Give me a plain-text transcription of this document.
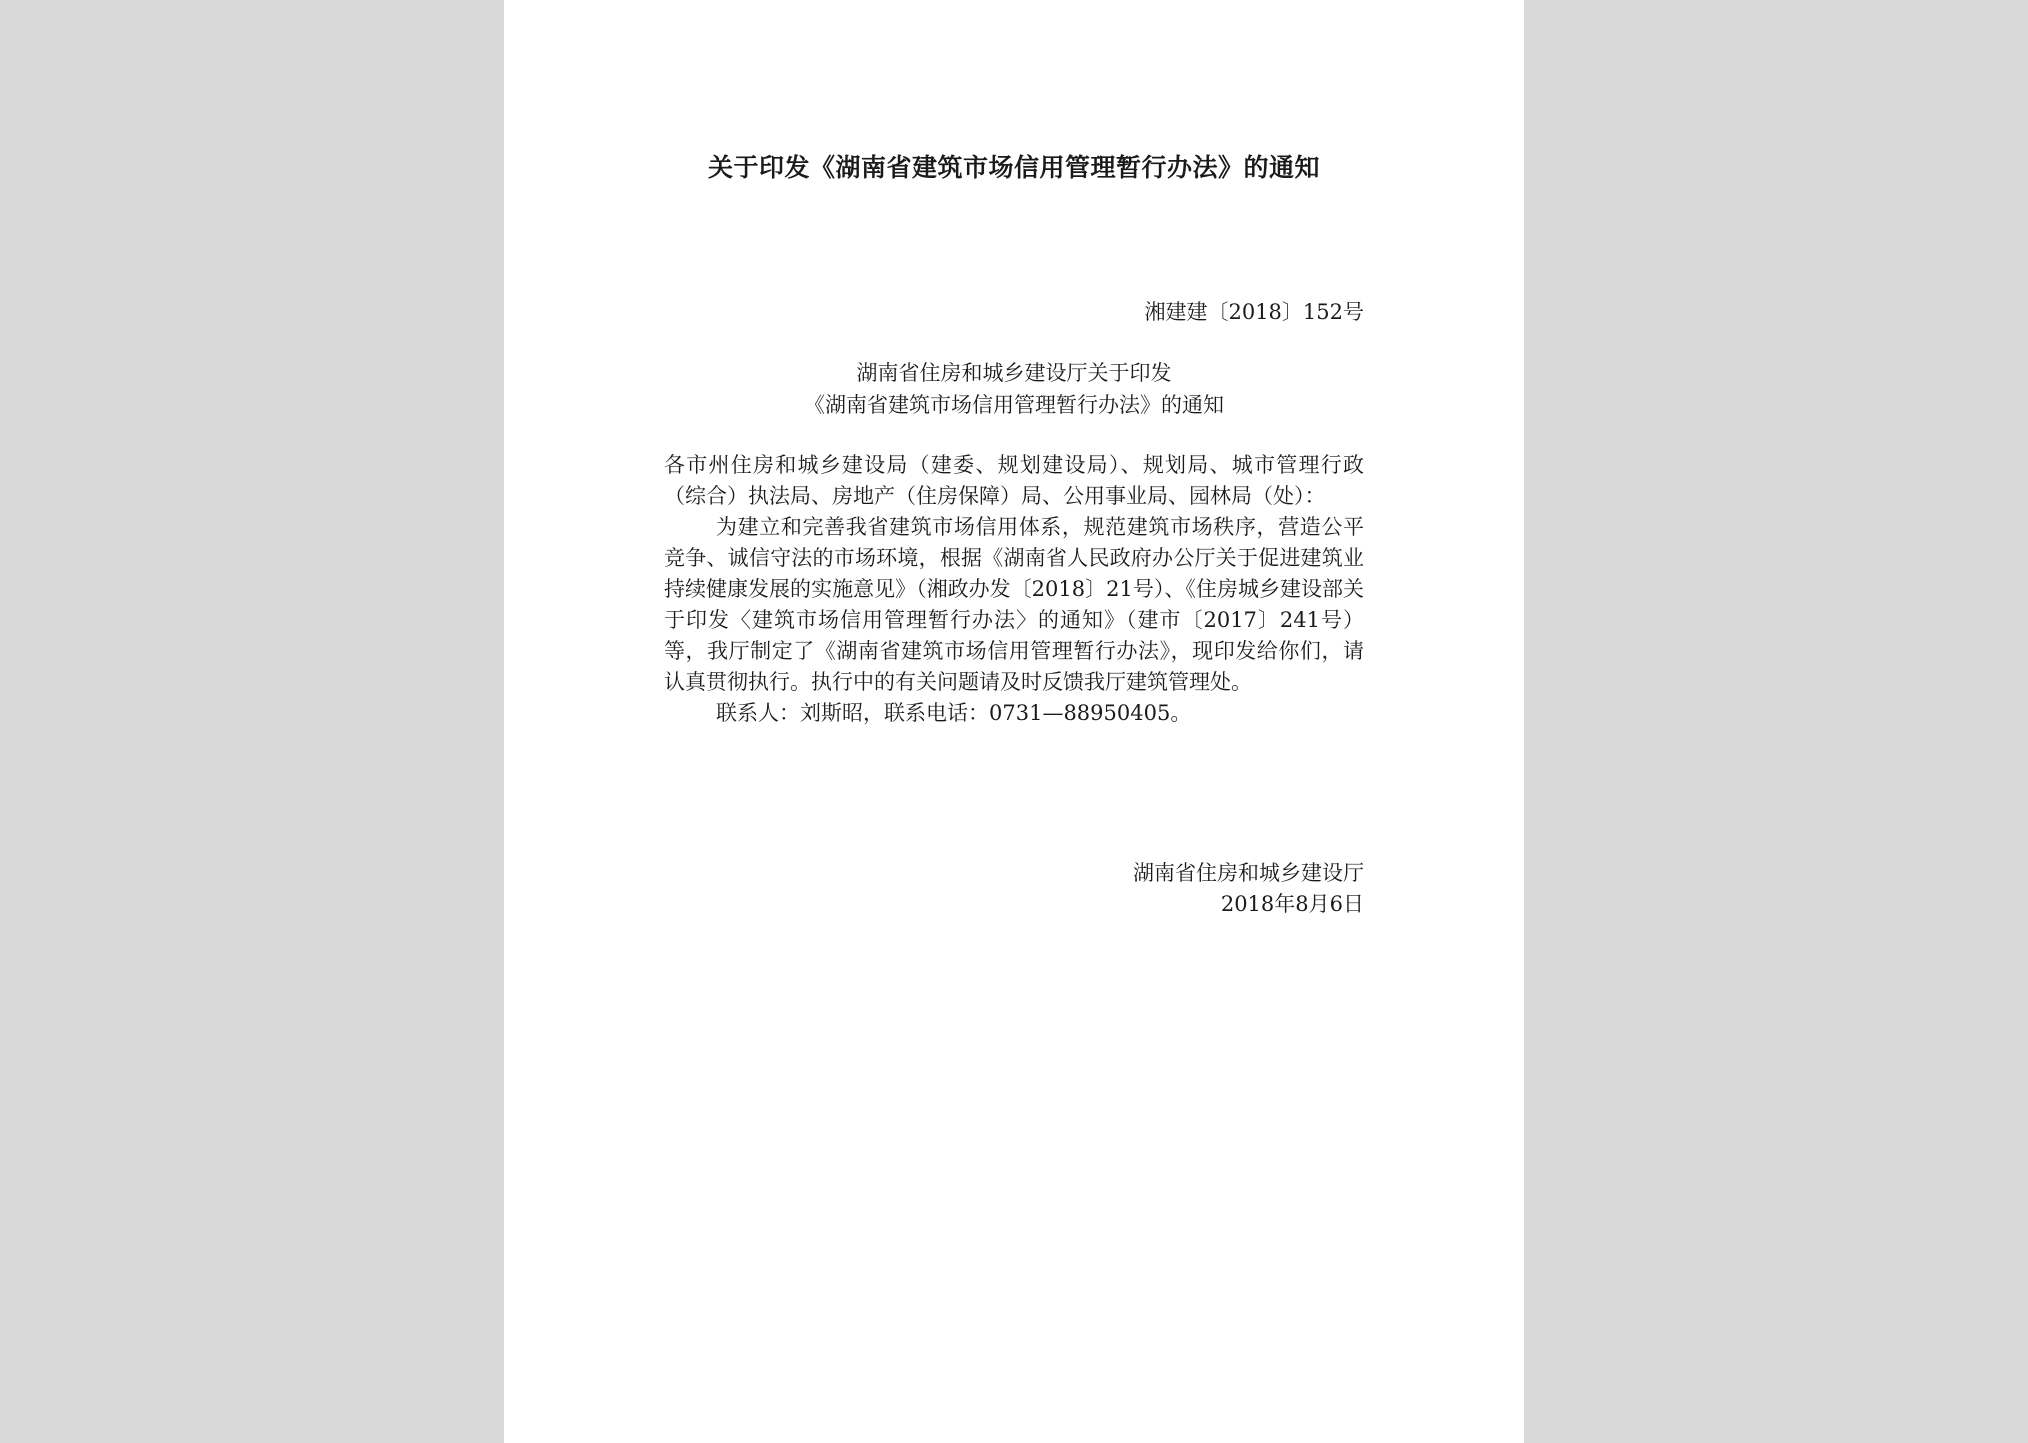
关于印发《湖南省建筑市场信用管理暂行办法》的通知
湘建建〔2018〕152号
湖南省住房和城乡建设厅关于印发
《湖南省建筑市场信用管理暂行办法》的通知

各市州住房和城乡建设局（建委、规划建设局）、规划局、城市管理行政（综合）执法局、房地产（住房保障）局、公用事业局、园林局（处）：

为建立和完善我省建筑市场信用体系，规范建筑市场秩序，营造公平竞争、诚信守法的市场环境，根据《湖南省人民政府办公厅关于促进建筑业持续健康发展的实施意见》（湘政办发〔2018〕21号）、《住房城乡建设部关于印发〈建筑市场信用管理暂行办法〉的通知》（建市〔2017〕241号）等，我厅制定了《湖南省建筑市场信用管理暂行办法》，现印发给你们，请认真贯彻执行。执行中的有关问题请及时反馈我厅建筑管理处。

联系人：刘斯昭，联系电话：0731—88950405。

湖南省住房和城乡建设厅
2018年8月6日
